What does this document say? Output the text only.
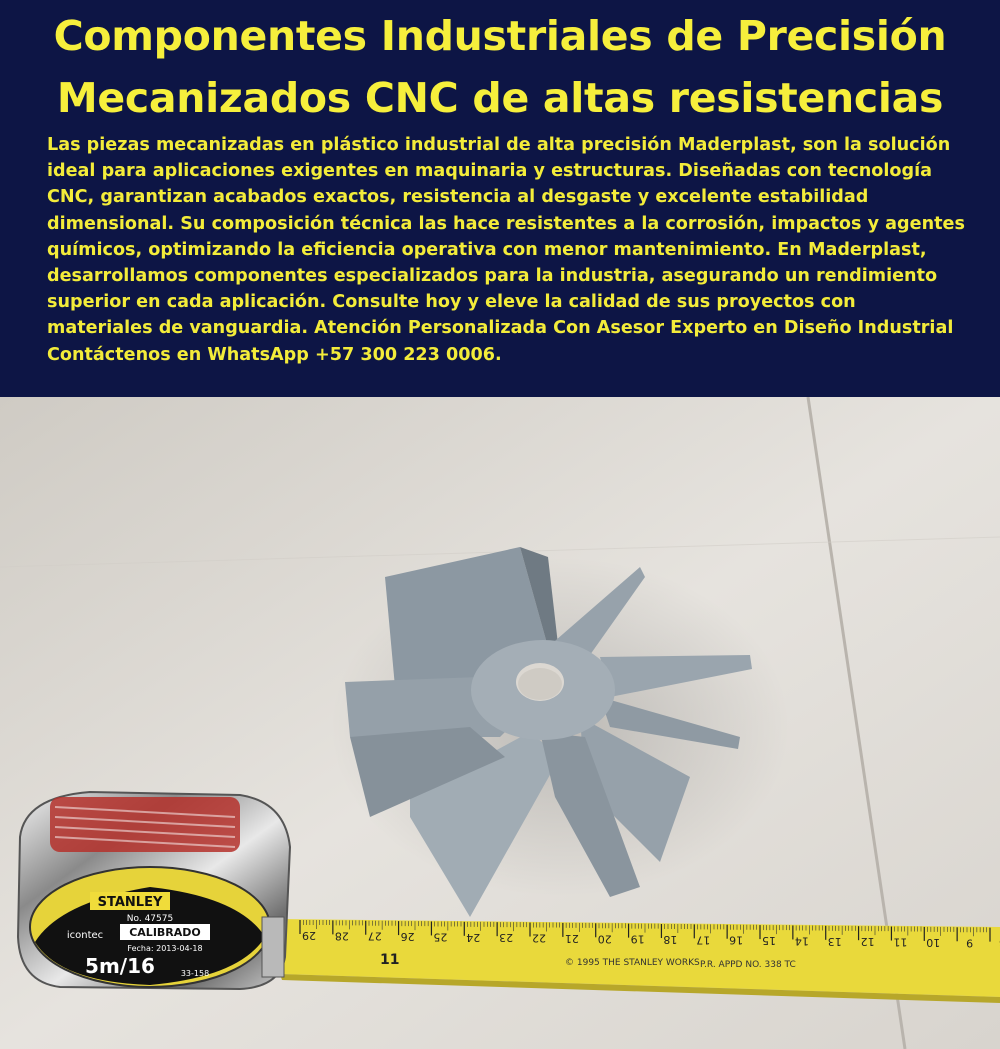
Componentes Industriales de Precisión
Mecanizados CNC de altas resistencias

Las piezas mecanizadas en plástico industrial de alta precisión Maderplast, son la solución
ideal para aplicaciones exigentes en maquinaria y estructuras. Diseñadas con tecnología
CNC, garantizan acabados exactos, resistencia al desgaste y excelente estabilidad
dimensional. Su composición técnica las hace resistentes a la corrosión, impactos y agentes
químicos, optimizando la eficiencia operativa con menor mantenimiento. En Maderplast,
desarrollamos componentes especializados para la industria, asegurando un rendimiento
superior en cada aplicación. Consulte hoy y eleve la calidad de sus proyectos con
materiales de vanguardia. Atención Personalizada Con Asesor Experto en Diseño Industrial
Contáctenos en WhatsApp +57 300 223 0006.

29 28 27 26 25 24 23 22 21 20 19 18 17 16 15 14 13 12 11 10 9
11	© 1995 THE STANLEY WORKS P.R. APPD NO. 338 TC
STANLEY
No. 47575
CALIBRADO
icontec
Fecha: 2013-04-18
5m/16	33-158
